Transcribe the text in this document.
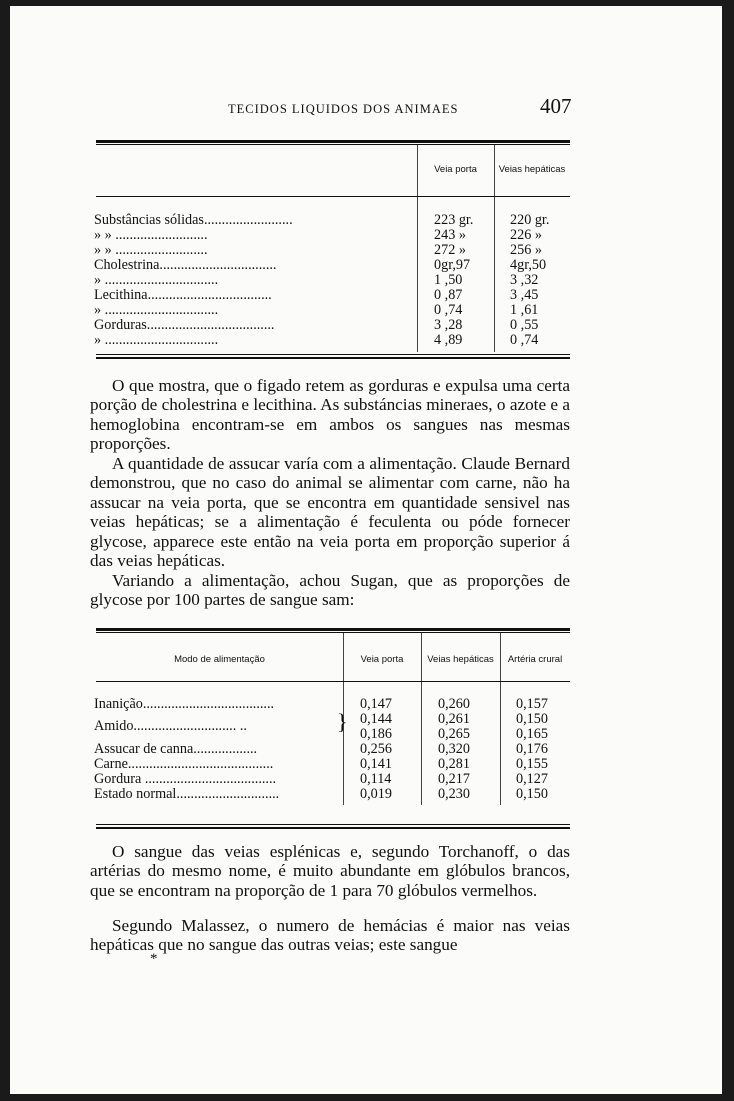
TECIDOS LIQUIDOS DOS ANIMAES	407
Veia porta	Veias hepáticas
Substâncias sólidas.........................	223 gr.	220 gr.
» » ..........................	243 »	226 »
» » ..........................	272 »	256 »
Cholestrina.................................	0gr,97	4gr,50
» ................................	1 ,50	3 ,32
Lecithina...................................	0 ,87	3 ,45
» ................................	0 ,74	1 ,61
Gorduras....................................	3 ,28	0 ,55
» ................................	4 ,89	0 ,74
O que mostra, que o figado retem as gorduras e expulsa uma certa porção de cholestrina e lecithina. As substáncias mineraes, o azote e a hemoglobina encontram-se em ambos os sangues nas mesmas proporções.
A quantidade de assucar varía com a alimentação. Claude Bernard demonstrou, que no caso do animal se alimentar com carne, não ha assucar na veia porta, que se encontra em quantidade sensivel nas veias hepáticas; se a alimentação é feculenta ou póde fornecer glycose, apparece este então na veia porta em proporção superior á das veias hepáticas.
Variando a alimentação, achou Sugan, que as proporções de glycose por 100 partes de sangue sam:
Modo de alimentação	Veia porta	Veias hepáticas	Artéria crural
Inanição.....................................	0,147	0,260	0,157
Amido............................. ..	0,144	0,261	0,150
} 0,186	0,265	0,165
Assucar de canna..................	0,256	0,320	0,176
Carne.........................................	0,141	0,281	0,155
Gordura .....................................	0,114	0,217	0,127
Estado normal.............................	0,019	0,230	0,150
O sangue das veias esplénicas e, segundo Torchanoff, o das artérias do mesmo nome, é muito abundante em glóbulos brancos, que se encontram na proporção de 1 para 70 glóbulos vermelhos.
Segundo Malassez, o numero de hemácias é maior nas veias hepáticas que no sangue das outras veias; este sangue
*
